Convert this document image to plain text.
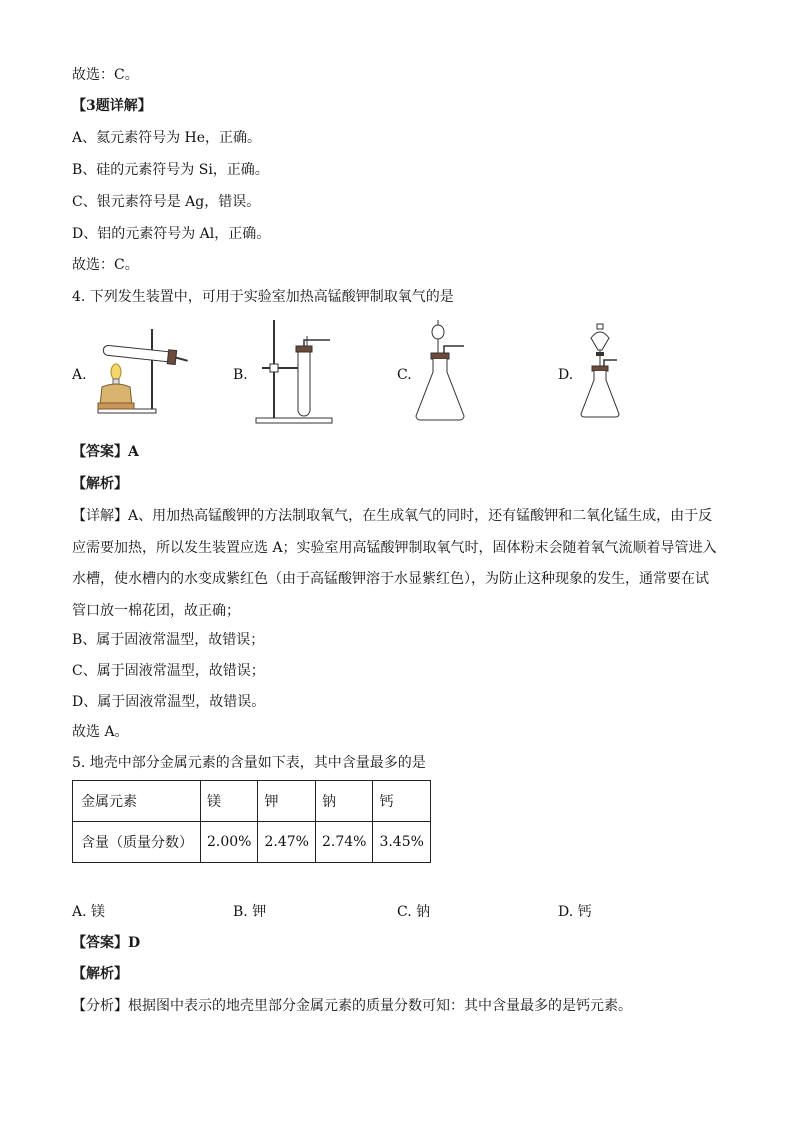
故选：C。
【3题详解】
A、氦元素符号为 He，正确。
B、硅的元素符号为 Si，正确。
C、银元素符号是 Ag，错误。
D、铝的元素符号为 Al，正确。
故选：C。
4. 下列发生装置中，可用于实验室加热高锰酸钾制取氧气的是
A.	B.	C.	D.
【答案】A
【解析】
【详解】A、用加热高锰酸钾的方法制取氧气，在生成氧气的同时，还有锰酸钾和二氧化锰生成，由于反
应需要加热，所以发生装置应选 A；实验室用高锰酸钾制取氧气时，固体粉末会随着氧气流顺着导管进入
水槽，使水槽内的水变成紫红色（由于高锰酸钾溶于水显紫红色），为防止这种现象的发生，通常要在试
管口放一棉花团，故正确；
B、属于固液常温型，故错误；
C、属于固液常温型，故错误；
D、属于固液常温型，故错误。
故选 A。
5. 地壳中部分金属元素的含量如下表，其中含量最多的是
金属元素	镁	钾	钠	钙
含量（质量分数）	2.00%	2.47%	2.74%	3.45%
A. 镁	B. 钾	C. 钠	D. 钙
【答案】D
【解析】
【分析】根据图中表示的地壳里部分金属元素的质量分数可知：其中含量最多的是钙元素。
